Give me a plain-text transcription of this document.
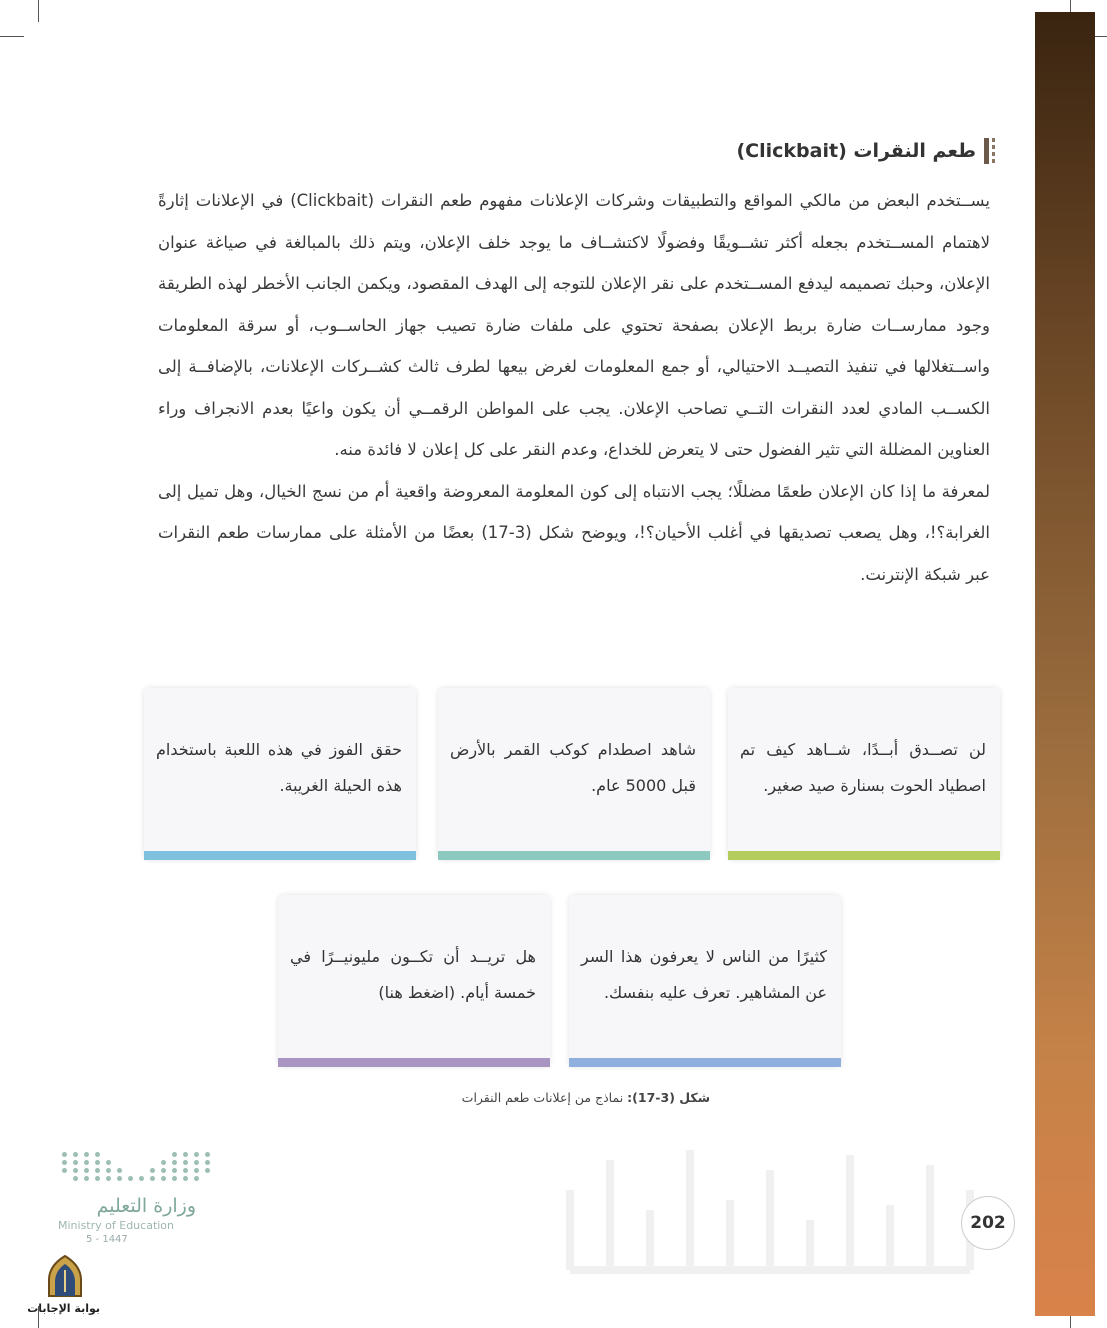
طعم النقرات (Clickbait)

يســتخدم البعض من مالكي المواقع والتطبيقات وشركات الإعلانات مفهوم طعم النقرات (Clickbait) في الإعلانات إثارةً لاهتمام المســتخدم بجعله أكثر تشــويقًا وفضولًا لاكتشــاف ما يوجد خلف الإعلان، ويتم ذلك بالمبالغة في صياغة عنوان الإعلان، وحبك تصميمه ليدفع المســتخدم على نقر الإعلان للتوجه إلى الهدف المقصود، ويكمن الجانب الأخطر لهذه الطريقة وجود ممارســات ضارة بربط الإعلان بصفحة تحتوي على ملفات ضارة تصيب جهاز الحاســوب، أو سرقة المعلومات واســتغلالها في تنفيذ التصيــد الاحتيالي، أو جمع المعلومات لغرض بيعها لطرف ثالث كشــركات الإعلانات، بالإضافــة إلى الكســب المادي لعدد النقرات التــي تصاحب الإعلان. يجب على المواطن الرقمــي أن يكون واعيًا بعدم الانجراف وراء العناوين المضللة التي تثير الفضول حتى لا يتعرض للخداع، وعدم النقر على كل إعلان لا فائدة منه.

لمعرفة ما إذا كان الإعلان طعمًا مضللًا؛ يجب الانتباه إلى كون المعلومة المعروضة واقعية أم من نسج الخيال، وهل تميل إلى الغرابة؟!، وهل يصعب تصديقها في أغلب الأحيان؟!، ويوضح شكل (3-17) بعضًا من الأمثلة على ممارسات طعم النقرات عبر شبكة الإنترنت.

لن تصــدق أبــدًا، شــاهد كيف تم اصطياد الحوت بسنارة صيد صغير.
شاهد اصطدام كوكب القمر بالأرض قبل 5000 عام.
حقق الفوز في هذه اللعبة باستخدام هذه الحيلة الغريبة.
كثيرًا من الناس لا يعرفون هذا السر عن المشاهير. تعرف عليه بنفسك.
هل تريــد أن تكــون مليونيــرًا في خمسة أيام. (اضغط هنا)
شكل (3-17): نماذج من إعلانات طعم النقرات
وزارة التعليم
Ministry of Education
5 - 1447
بوابة الإجابات
202
